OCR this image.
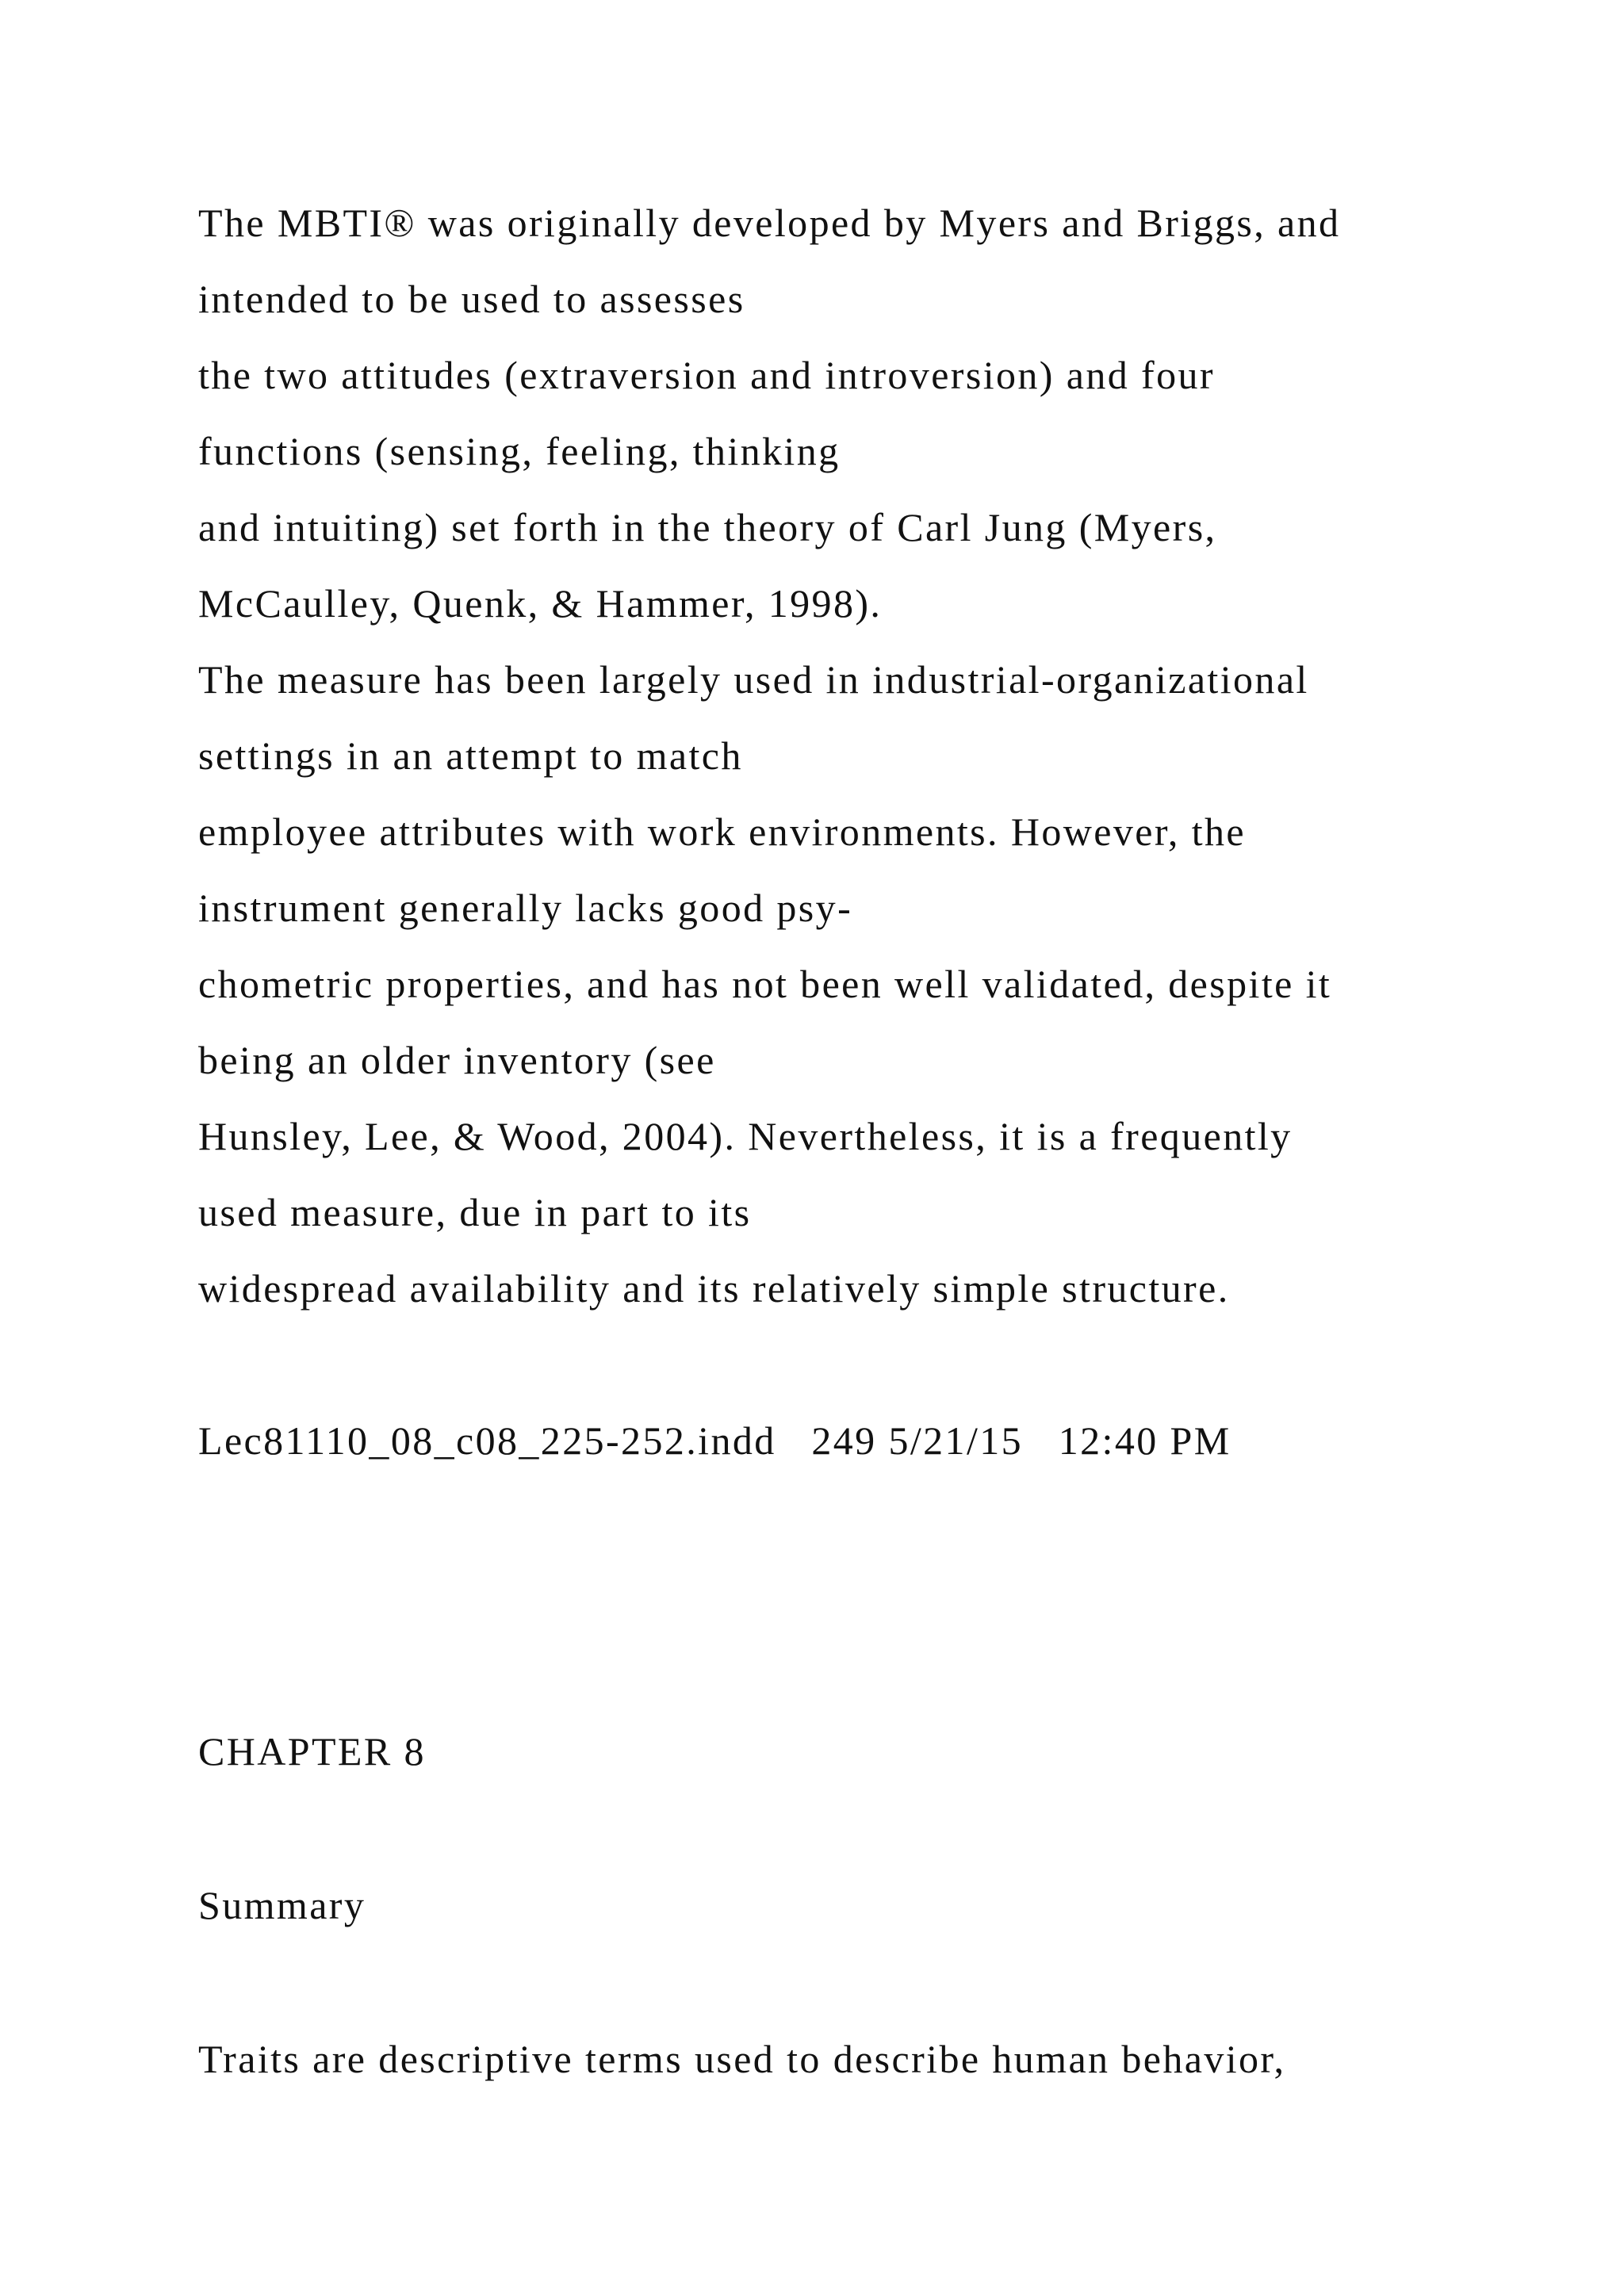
The MBTI® was originally developed by Myers and Briggs, and

intended to be used to assesses

the two attitudes (extraversion and introversion) and four

functions (sensing, feeling, thinking

and intuiting) set forth in the theory of Carl Jung (Myers,

McCaulley, Quenk, & Hammer, 1998).

The measure has been largely used in industrial-organizational

settings in an attempt to match

employee attributes with work environments. However, the

instrument generally lacks good psy-

chometric properties, and has not been well validated, despite it

being an older inventory (see

Hunsley, Lee, & Wood, 2004). Nevertheless, it is a frequently

used measure, due in part to its

widespread availability and its relatively simple structure.

Lec81110_08_c08_225-252.indd   249 5/21/15   12:40 PM

CHAPTER 8

Summary

Traits are descriptive terms used to describe human behavior,
